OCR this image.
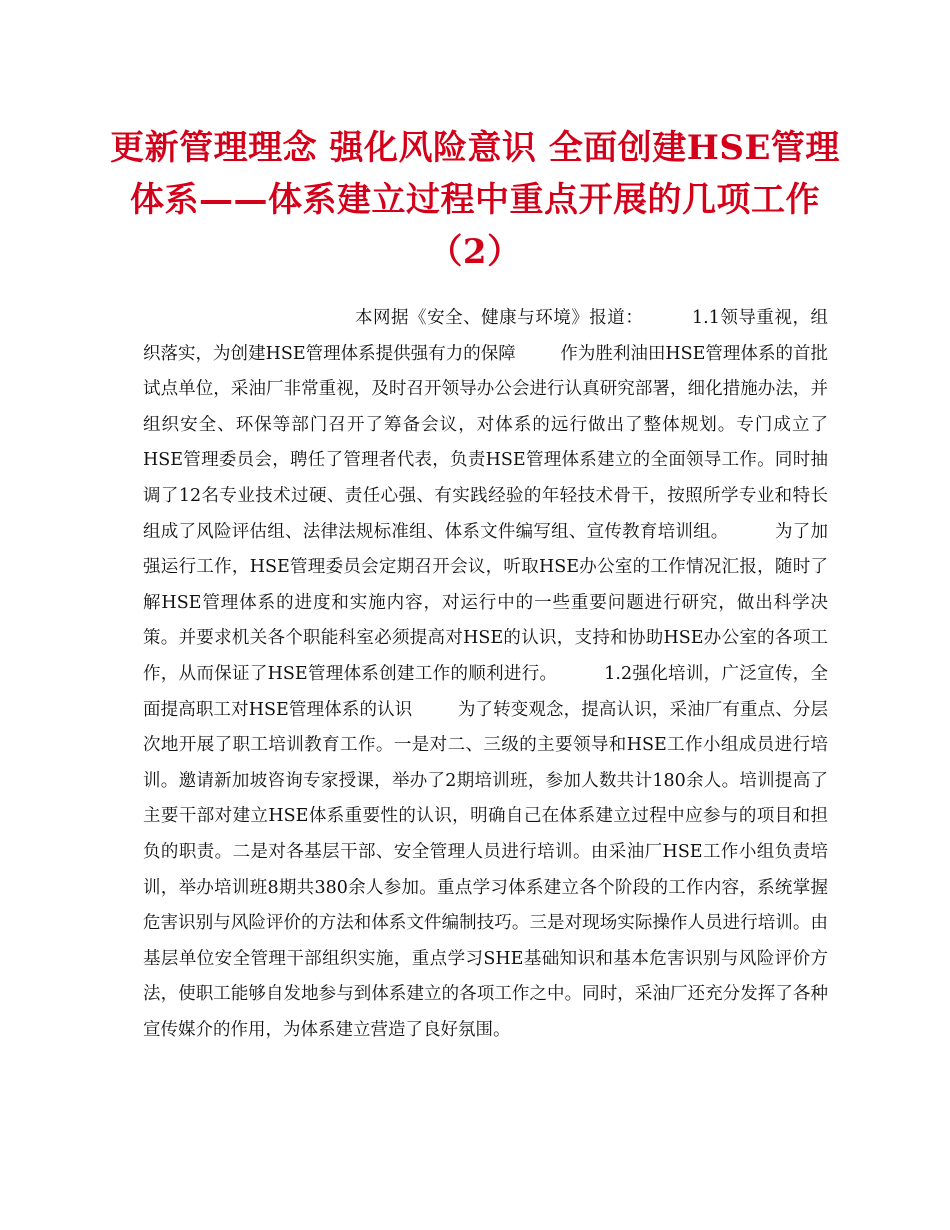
更新管理理念 强化风险意识 全面创建HSE管理体系——体系建立过程中重点开展的几项工作（2）

本网据《安全、健康与环境》报道：        1.1领导重视，组织落实，为创建HSE管理体系提供强有力的保障        作为胜利油田HSE管理体系的首批试点单位，采油厂非常重视，及时召开领导办公会进行认真研究部署，细化措施办法，并组织安全、环保等部门召开了筹备会议，对体系的远行做出了整体规划。专门成立了HSE管理委员会，聘任了管理者代表，负责HSE管理体系建立的全面领导工作。同时抽调了12名专业技术过硬、责任心强、有实践经验的年轻技术骨干，按照所学专业和特长组成了风险评估组、法律法规标准组、体系文件编写组、宣传教育培训组。        为了加强运行工作，HSE管理委员会定期召开会议，听取HSE办公室的工作情况汇报，随时了解HSE管理体系的进度和实施内容，对运行中的一些重要问题进行研究，做出科学决策。并要求机关各个职能科室必须提高对HSE的认识，支持和协助HSE办公室的各项工作，从而保证了HSE管理体系创建工作的顺利进行。        1.2强化培训，广泛宣传，全面提高职工对HSE管理体系的认识        为了转变观念，提高认识，采油厂有重点、分层次地开展了职工培训教育工作。一是对二、三级的主要领导和HSE工作小组成员进行培训。邀请新加坡咨询专家授课，举办了2期培训班，参加人数共计180余人。培训提高了主要干部对建立HSE体系重要性的认识，明确自己在体系建立过程中应参与的项目和担负的职责。二是对各基层干部、安全管理人员进行培训。由采油厂HSE工作小组负责培训，举办培训班8期共380余人参加。重点学习体系建立各个阶段的工作内容，系统掌握危害识别与风险评价的方法和体系文件编制技巧。三是对现场实际操作人员进行培训。由基层单位安全管理干部组织实施，重点学习SHE基础知识和基本危害识别与风险评价方法，使职工能够自发地参与到体系建立的各项工作之中。同时，采油厂还充分发挥了各种宣传媒介的作用，为体系建立营造了良好氛围。
